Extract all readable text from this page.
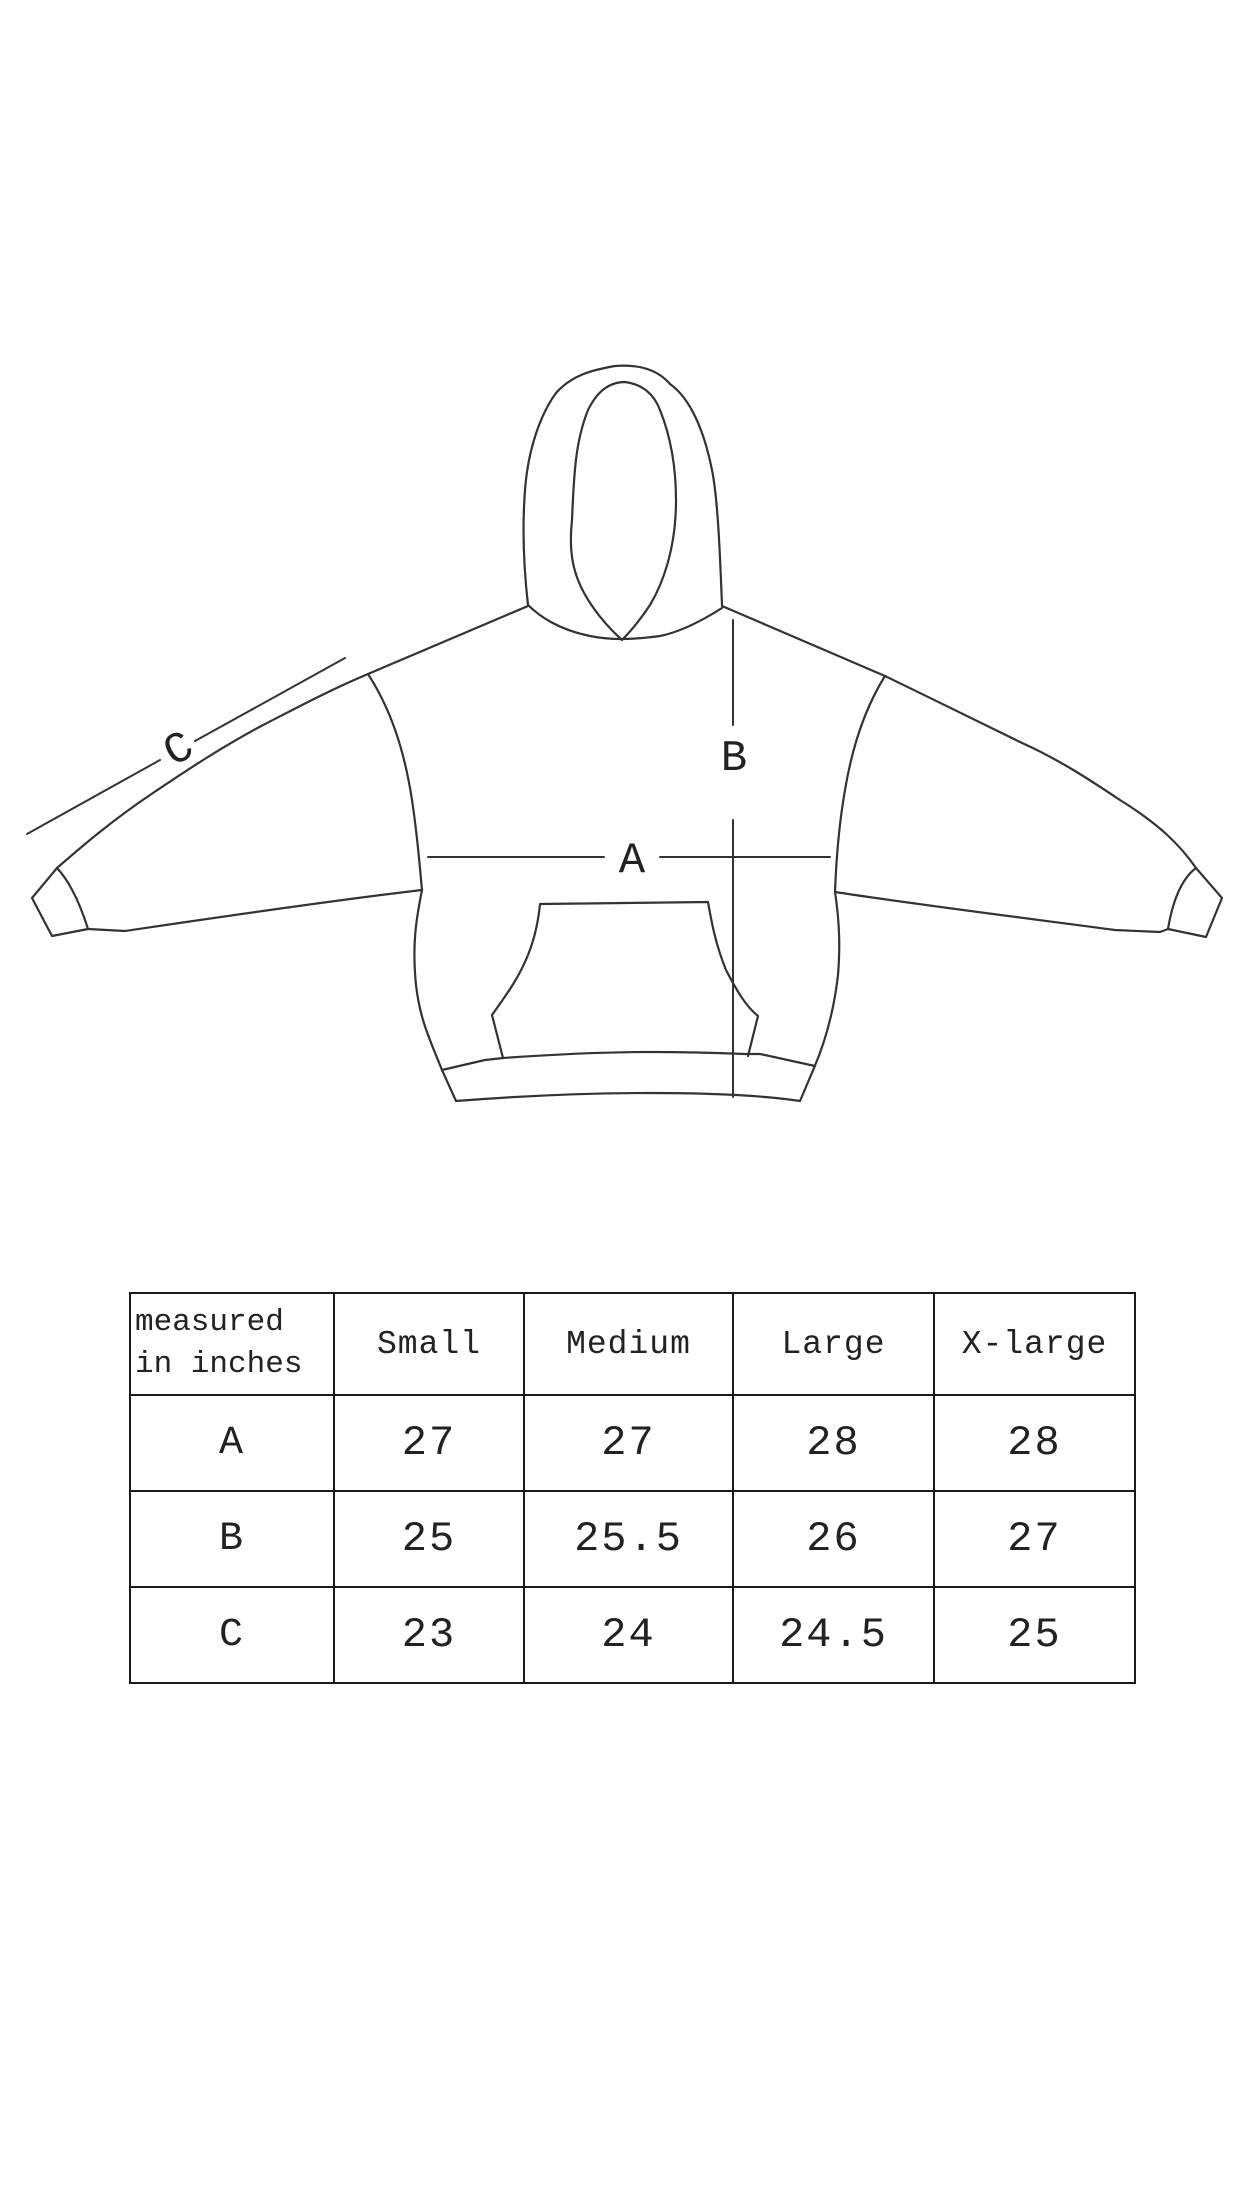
A
B
C
measured
in inches	Small	Medium	Large	X-large
A	27	27	28	28
B	25	25.5	26	27
C	23	24	24.5	25
